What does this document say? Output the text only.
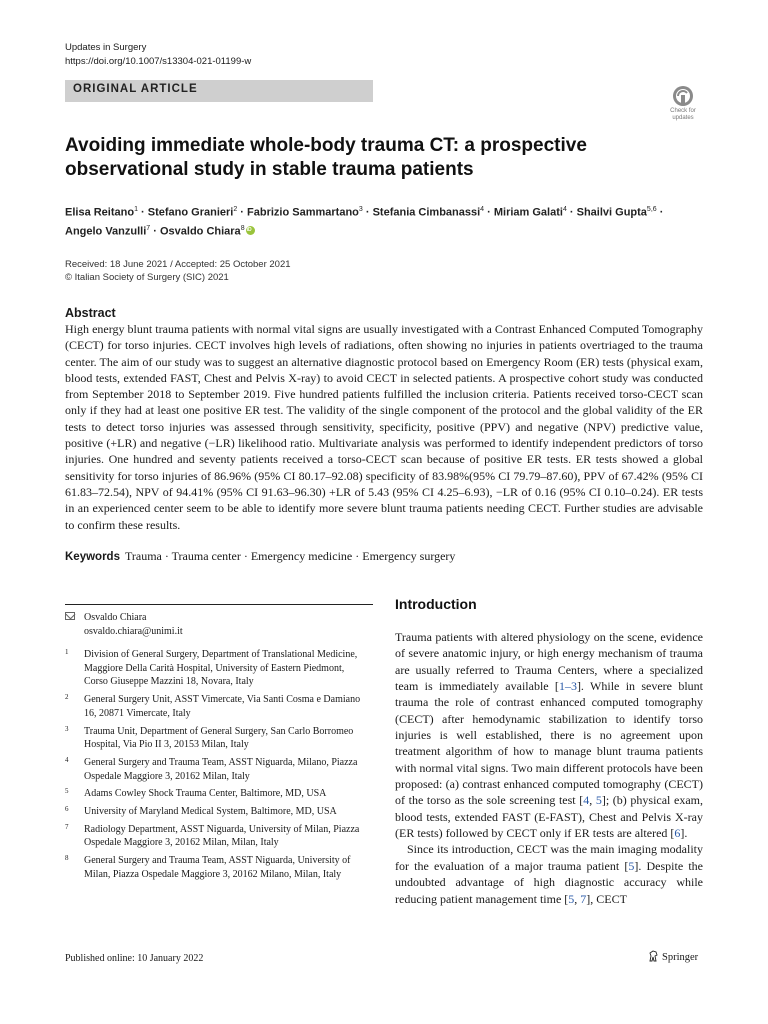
Updates in Surgery
https://doi.org/10.1007/s13304-021-01199-w
ORIGINAL ARTICLE
Check for
updates
Avoiding immediate whole-body trauma CT: a prospective
observational study in stable trauma patients
Elisa Reitano$^1$ · Stefano Granieri$^2$ · Fabrizio Sammartano$^3$ · Stefania Cimbanassi$^4$ · Miriam Galati$^4$ · Shailvi Gupta$^{5,6}$ ·
Angelo Vanzulli$^7$ · Osvaldo Chiara$^8$iD
Received: 18 June 2021 / Accepted: 25 October 2021
© Italian Society of Surgery (SIC) 2021
Abstract
High energy blunt trauma patients with normal vital signs are usually investigated with a Contrast Enhanced Computed Tomography (CECT) for torso injuries. CECT involves high levels of radiations, often showing no injuries in patients overtriaged to the trauma center. The aim of our study was to suggest an alternative diagnostic protocol based on Emergency Room (ER) tests (physical exam, blood tests, extended FAST, Chest and Pelvis X-ray) to avoid CECT in selected patients. A prospective cohort study was conducted from September 2018 to September 2019. Five hundred patients fulfilled the inclusion criteria. Patients received torso-CECT scan only if they had at least one positive ER test. The validity of the single component of the protocol and the global validity of the ER tests to detect torso injuries was assessed through sensitivity, specificity, positive (PPV) and negative (NPV) predictive value, positive (+LR) and negative (−LR) likelihood ratio. Multivariate analysis was performed to identify independent predictors of torso injuries. One hundred and seventy patients received a torso-CECT scan because of positive ER tests. ER tests showed a global sensitivity for torso injuries of 86.96% (95% CI 80.17–92.08) specificity of 83.98%(95% CI 79.79–87.60), PPV of 67.42% (95% CI 61.83–72.54), NPV of 94.41% (95% CI 91.63–96.30) +LR of 5.43 (95% CI 4.25–6.93), −LR of 0.16 (95% CI 0.10–0.24). ER tests in an experienced center seem to be able to identify more severe blunt trauma patients needing CECT. Further studies are advisable to confirm these results.
Keywords Trauma · Trauma center · Emergency medicine · Emergency surgery
Osvaldo Chiara
osvaldo.chiara@unimi.it
1	Division of General Surgery, Department of Translational Medicine, Maggiore Della Carità Hospital, University of Eastern Piedmont, Corso Giuseppe Mazzini 18, Novara, Italy
2	General Surgery Unit, ASST Vimercate, Via Santi Cosma e Damiano 16, 20871 Vimercate, Italy
3	Trauma Unit, Department of General Surgery, San Carlo Borromeo Hospital, Via Pio II 3, 20153 Milan, Italy
4	General Surgery and Trauma Team, ASST Niguarda, Milano, Piazza Ospedale Maggiore 3, 20162 Milan, Italy
5	Adams Cowley Shock Trauma Center, Baltimore, MD, USA
6	University of Maryland Medical System, Baltimore, MD, USA
7	Radiology Department, ASST Niguarda, University of Milan, Piazza Ospedale Maggiore 3, 20162 Milan, Milan, Italy
8	General Surgery and Trauma Team, ASST Niguarda, University of Milan, Piazza Ospedale Maggiore 3, 20162 Milano, Milan, Italy
Introduction

Trauma patients with altered physiology on the scene, evidence of severe anatomic injury, or high energy mechanism of trauma are usually referred to Trauma Centers, where a specialized team is immediately available [1–3]. While in severe blunt trauma the role of contrast enhanced computed tomography (CECT) after hemodynamic stabilization to identify torso injuries is well established, there is no agreement upon treatment algorithm of how to manage blunt trauma patients with normal vital signs. Two main different protocols have been proposed: (a) contrast enhanced computed tomography (CECT) of the torso as the sole screening test [4, 5]; (b) physical exam, blood tests, extended FAST (E-FAST), Chest and Pelvis X-ray (ER tests) followed by CECT only if ER tests are altered [6].

Since its introduction, CECT was the main imaging modality for the evaluation of a major trauma patient [5]. Despite the undoubted advantage of high diagnostic accuracy while reducing patient management time [5, 7], CECT

Published online: 10 January 2022	Springer
